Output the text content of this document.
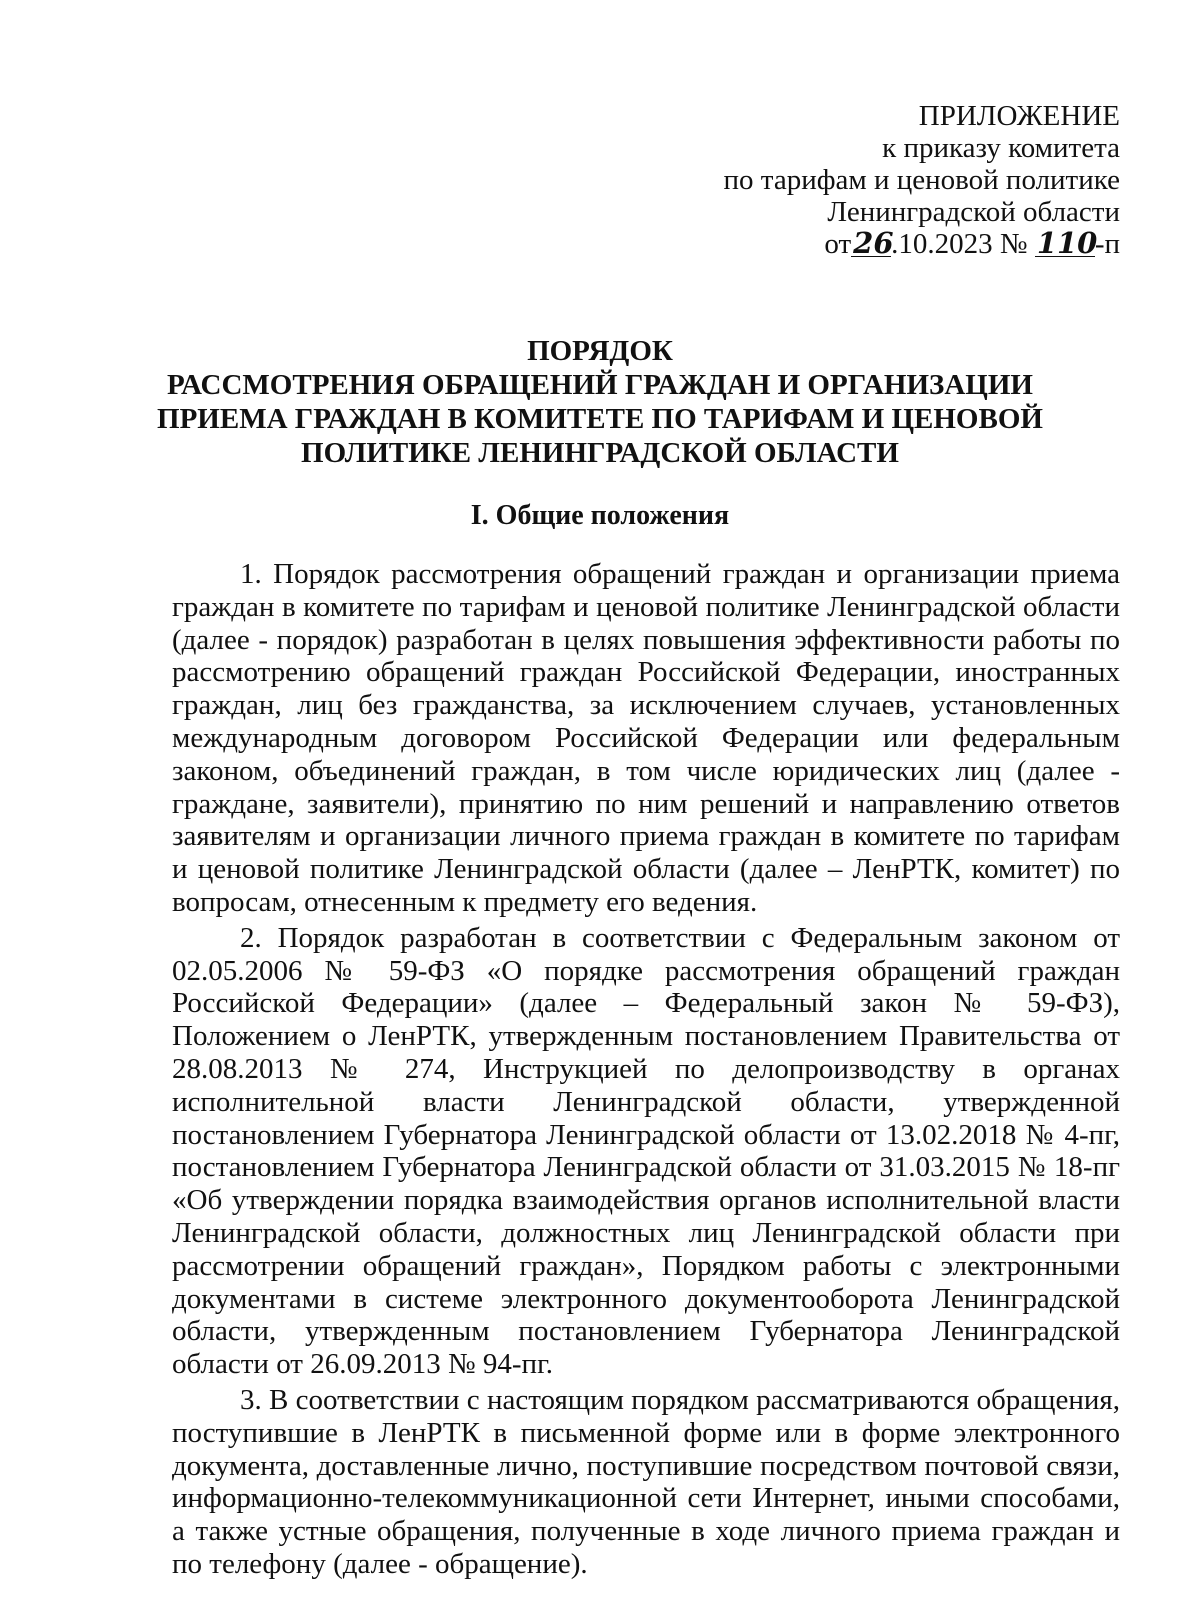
ПРИЛОЖЕНИЕ
к приказу комитета
по тарифам и ценовой политике
Ленинградской области
от26.10.2023 № 110-п
ПОРЯДОК
РАССМОТРЕНИЯ ОБРАЩЕНИЙ ГРАЖДАН И ОРГАНИЗАЦИИ
ПРИЕМА ГРАЖДАН В КОМИТЕТЕ ПО ТАРИФАМ И ЦЕНОВОЙ
ПОЛИТИКЕ ЛЕНИНГРАДСКОЙ ОБЛАСТИ
I. Общие положения

1. Порядок рассмотрения обращений граждан и организации приема граждан в комитете по тарифам и ценовой политике Ленинградской области (далее - порядок) разработан в целях повышения эффективности работы по рассмотрению обращений граждан Российской Федерации, иностранных граждан, лиц без гражданства, за исключением случаев, установленных международным договором Российской Федерации или федеральным законом, объединений граждан, в том числе юридических лиц (далее - граждане, заявители), принятию по ним решений и направлению ответов заявителям и организации личного приема граждан в комитете по тарифам и ценовой политике Ленинградской области (далее – ЛенРТК, комитет) по вопросам, отнесенным к предмету его ведения.

2. Порядок разработан в соответствии с Федеральным законом от 02.05.2006 № 59-ФЗ «О порядке рассмотрения обращений граждан Российской Федерации» (далее – Федеральный закон № 59-ФЗ), Положением о ЛенРТК, утвержденным постановлением Правительства от 28.08.2013 № 274, Инструкцией по делопроизводству в органах исполнительной власти Ленинградской области, утвержденной постановлением Губернатора Ленинградской области от 13.02.2018 № 4-пг, постановлением Губернатора Ленинградской области от 31.03.2015 № 18-пг «Об утверждении порядка взаимодействия органов исполнительной власти Ленинградской области, должностных лиц Ленинградской области при рассмотрении обращений граждан», Порядком работы с электронными документами в системе электронного документооборота Ленинградской области, утвержденным постановлением Губернатора Ленинградской области от 26.09.2013 № 94-пг.

3. В соответствии с настоящим порядком рассматриваются обращения, поступившие в ЛенРТК в письменной форме или в форме электронного документа, доставленные лично, поступившие посредством почтовой связи, информационно-телекоммуникационной сети Интернет, иными способами, а также устные обращения, полученные в ходе личного приема граждан и по телефону (далее - обращение).
